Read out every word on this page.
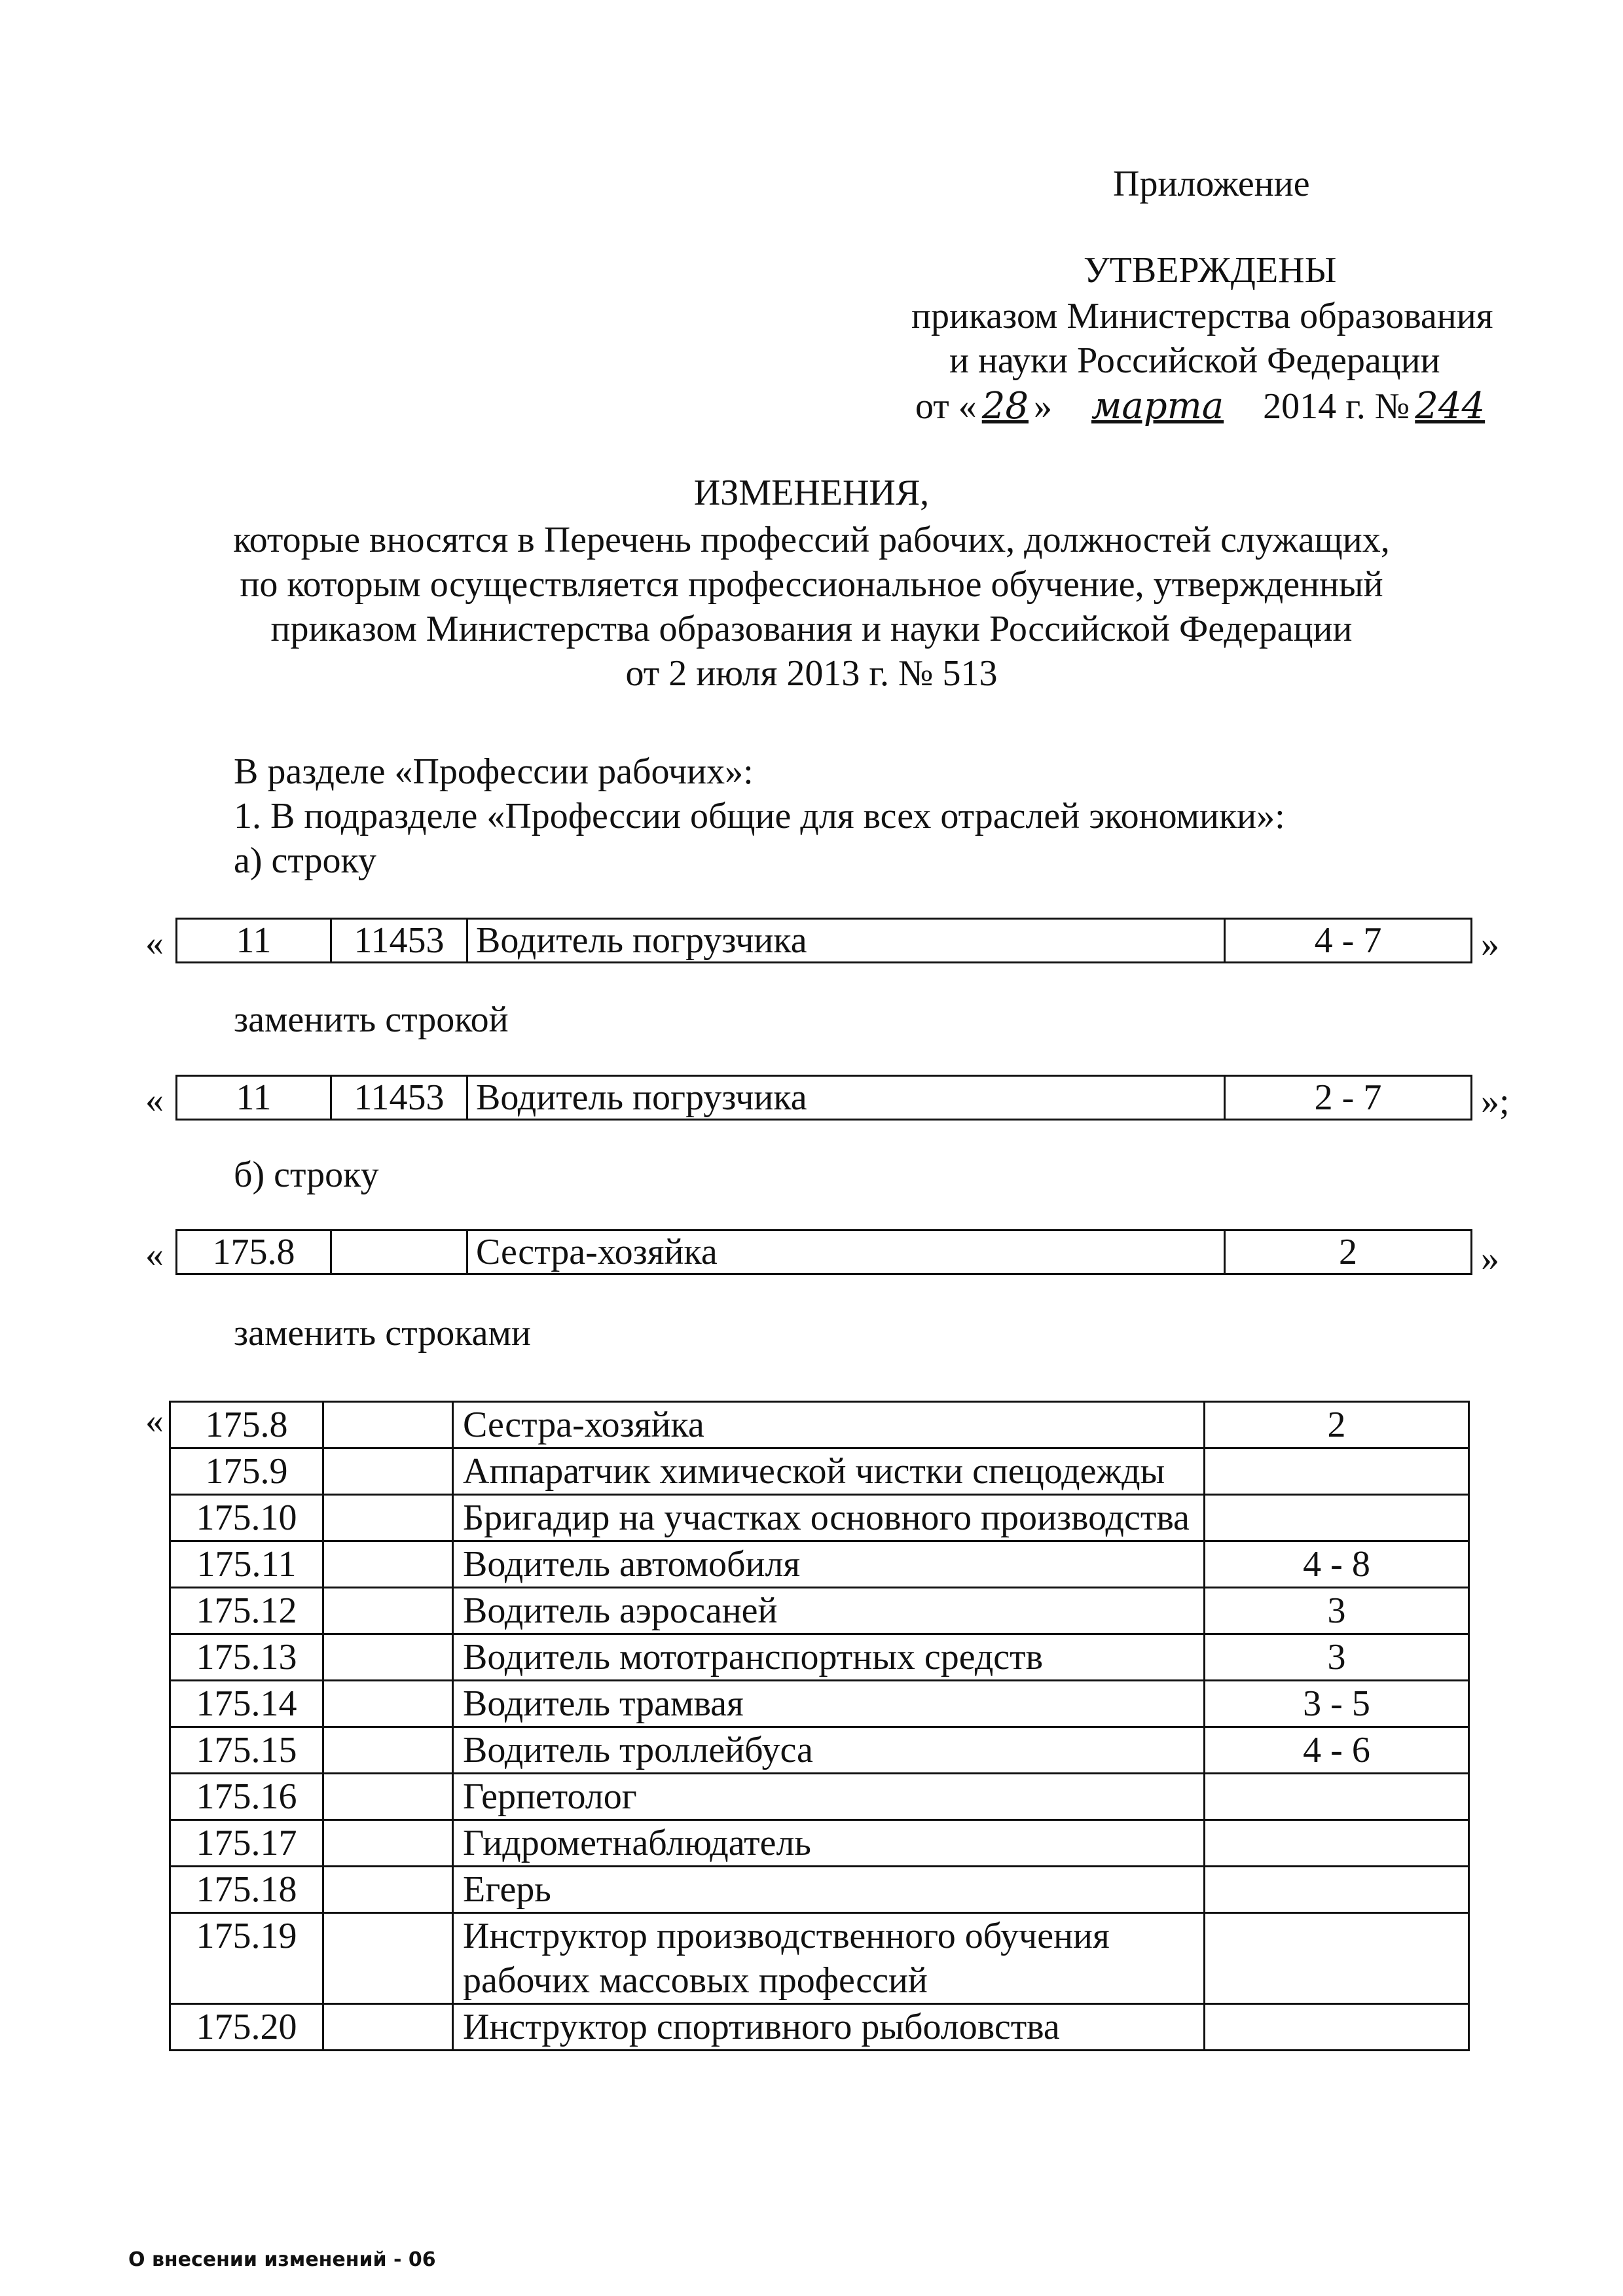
Приложение
УТВЕРЖДЕНЫ
приказом Министерства образования
и науки Российской Федерации
от « 28 » марта 2014 г. № 244
ИЗМЕНЕНИЯ,
которые вносятся в Перечень профессий рабочих, должностей служащих,
по которым осуществляется профессиональное обучение, утвержденный
приказом Министерства образования и науки Российской Федерации
от 2 июля 2013 г. № 513
В разделе «Профессии рабочих»:
1. В подразделе «Профессии общие для всех отраслей экономики»:
а) строку
« 11	11453	Водитель погрузчика	4 - 7	»
заменить строкой
« 11	11453	Водитель погрузчика	2 - 7	»;
б) строку
« 175.8		Сестра-хозяйка	2	»
заменить строками
« 175.8		Сестра-хозяйка	2
175.9		Аппаратчик химической чистки спецодежды	
175.10		Бригадир на участках основного производства	
175.11		Водитель автомобиля	4 - 8
175.12		Водитель аэросаней	3
175.13		Водитель мототранспортных средств	3
175.14		Водитель трамвая	3 - 5
175.15		Водитель троллейбуса	4 - 6
175.16		Герпетолог	
175.17		Гидрометнаблюдатель	
175.18		Егерь	
175.19		Инструктор производственного обучения рабочих массовых профессий	
175.20		Инструктор спортивного рыболовства	
О внесении изменений - 06
